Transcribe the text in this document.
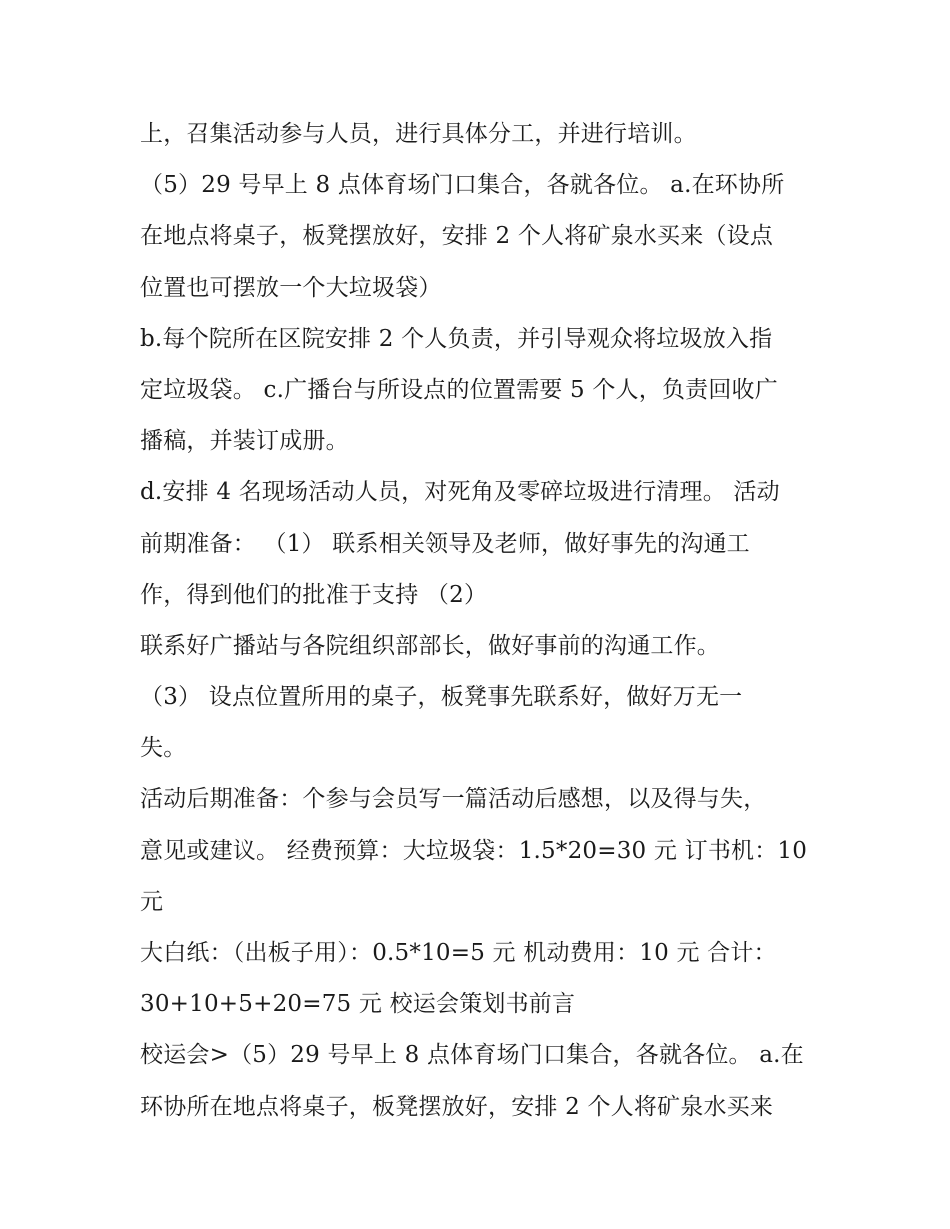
上，召集活动参与人员，进行具体分工，并进行培训。
（5）29 号早上 8 点体育场门口集合，各就各位。 a.在环协所
在地点将桌子，板凳摆放好，安排 2 个人将矿泉水买来（设点
位置也可摆放一个大垃圾袋）
b.每个院所在区院安排 2 个人负责，并引导观众将垃圾放入指
定垃圾袋。 c.广播台与所设点的位置需要 5 个人，负责回收广
播稿，并装订成册。
d.安排 4 名现场活动人员，对死角及零碎垃圾进行清理。 活动
前期准备： （1） 联系相关领导及老师，做好事先的沟通工
作，得到他们的批准于支持 （2）
联系好广播站与各院组织部部长，做好事前的沟通工作。
（3） 设点位置所用的桌子，板凳事先联系好，做好万无一
失。
活动后期准备：个参与会员写一篇活动后感想，以及得与失，
意见或建议。 经费预算：大垃圾袋：1.5*20=30 元 订书机：10
元
大白纸：（出板子用）：0.5*10=5 元 机动费用：10 元 合计：
30+10+5+20=75 元 校运会策划书前言
校运会>（5）29 号早上 8 点体育场门口集合，各就各位。 a.在
环协所在地点将桌子，板凳摆放好，安排 2 个人将矿泉水买来
